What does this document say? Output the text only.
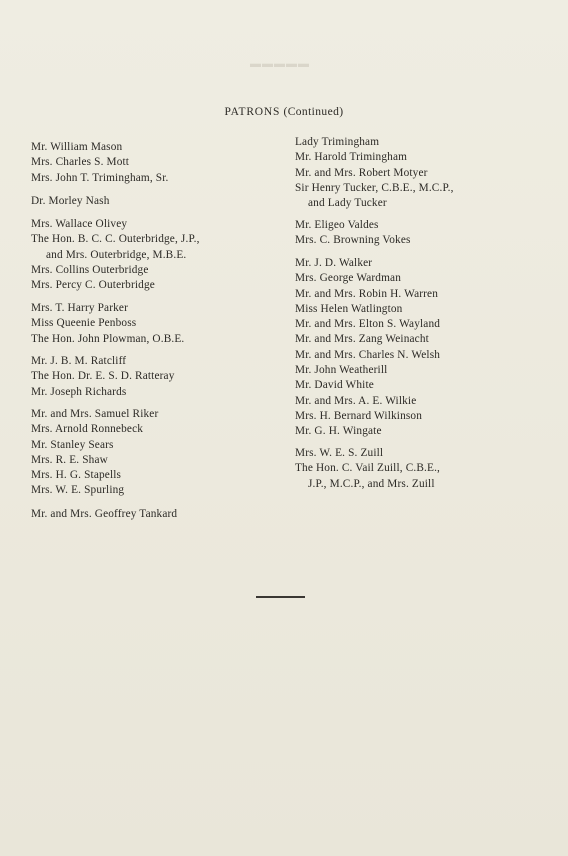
▬▬▬▬▬
PATRONS (Continued)
Mr. William Mason
Mrs. Charles S. Mott
Mrs. John T. Trimingham, Sr.
Dr. Morley Nash
Mrs. Wallace Olivey
The Hon. B. C. C. Outerbridge, J.P.,
and Mrs. Outerbridge, M.B.E.
Mrs. Collins Outerbridge
Mrs. Percy C. Outerbridge
Mrs. T. Harry Parker
Miss Queenie Penboss
The Hon. John Plowman, O.B.E.
Mr. J. B. M. Ratcliff
The Hon. Dr. E. S. D. Ratteray
Mr. Joseph Richards
Mr. and Mrs. Samuel Riker
Mrs. Arnold Ronnebeck
Mr. Stanley Sears
Mrs. R. E. Shaw
Mrs. H. G. Stapells
Mrs. W. E. Spurling
Mr. and Mrs. Geoffrey Tankard
Lady Trimingham
Mr. Harold Trimingham
Mr. and Mrs. Robert Motyer
Sir Henry Tucker, C.B.E., M.C.P.,
and Lady Tucker
Mr. Eligeo Valdes
Mrs. C. Browning Vokes
Mr. J. D. Walker
Mrs. George Wardman
Mr. and Mrs. Robin H. Warren
Miss Helen Watlington
Mr. and Mrs. Elton S. Wayland
Mr. and Mrs. Zang Weinacht
Mr. and Mrs. Charles N. Welsh
Mr. John Weatherill
Mr. David White
Mr. and Mrs. A. E. Wilkie
Mrs. H. Bernard Wilkinson
Mr. G. H. Wingate
Mrs. W. E. S. Zuill
The Hon. C. Vail Zuill, C.B.E.,
J.P., M.C.P., and Mrs. Zuill
